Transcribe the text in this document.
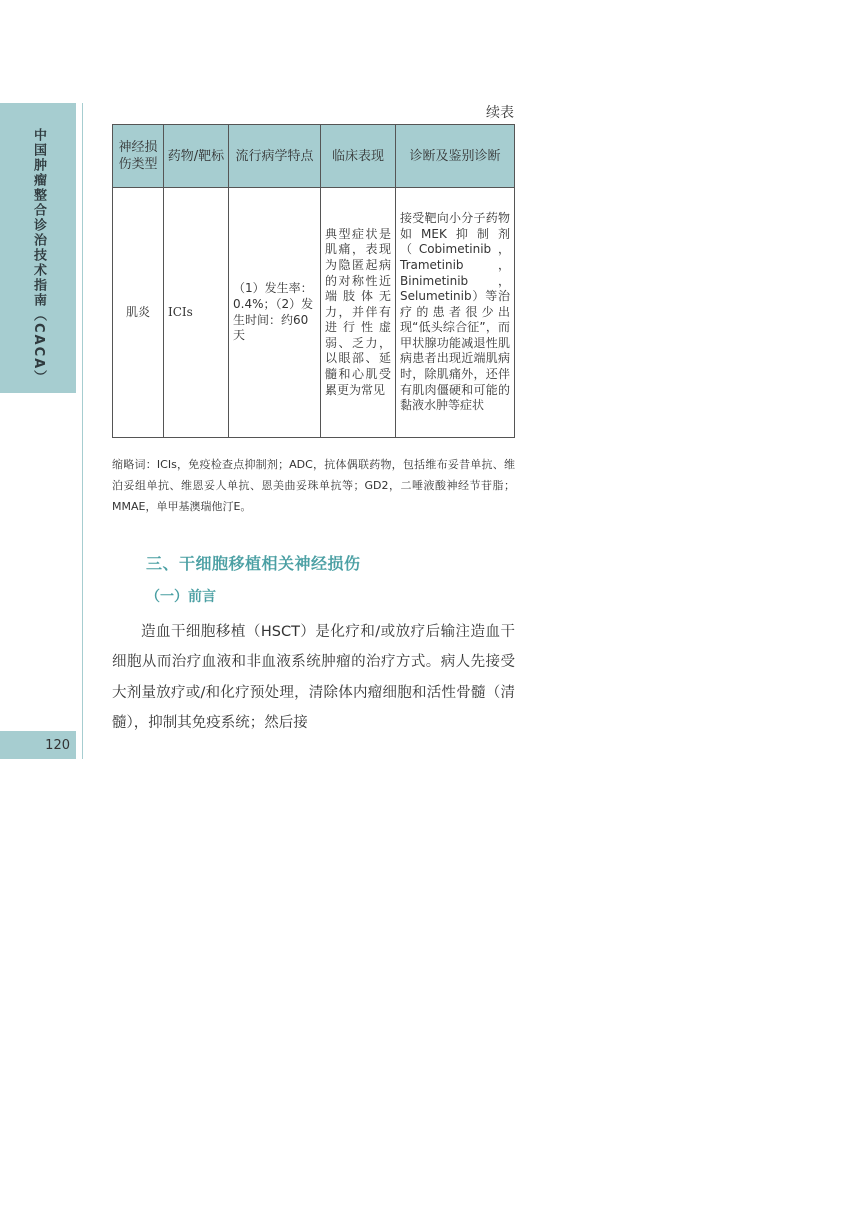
中国肿瘤整合诊治技术指南（CACA）
120
续表
神经损伤类型	药物/靶标	流行病学特点	临床表现	诊断及鉴别诊断
肌炎	ICIs	（1）发生率：0.4%；（2）发生时间：约60天	典型症状是肌痛，表现为隐匿起病的对称性近端肢体无力，并伴有进行性虚弱、乏力，以眼部、延髓和心肌受累更为常见	接受靶向小分子药物如MEK抑制剂（Cobimetinib，Trametinib，Binimetinib，Selumetinib）等治疗的患者很少出现“低头综合征”，而甲状腺功能减退性肌病患者出现近端肌病时，除肌痛外，还伴有肌肉僵硬和可能的黏液水肿等症状
缩略词：ICIs，免疫检查点抑制剂；ADC，抗体偶联药物，包括维布妥昔单抗、维泊妥组单抗、维恩妥人单抗、恩美曲妥珠单抗等；GD2，二唾液酸神经节苷脂；MMAE，单甲基澳瑞他汀E。
三、干细胞移植相关神经损伤
（一）前言
造血干细胞移植（HSCT）是化疗和/或放疗后输注造血干细胞从而治疗血液和非血液系统肿瘤的治疗方式。病人先接受大剂量放疗或/和化疗预处理，清除体内瘤细胞和活性骨髓（清髓），抑制其免疫系统；然后接
